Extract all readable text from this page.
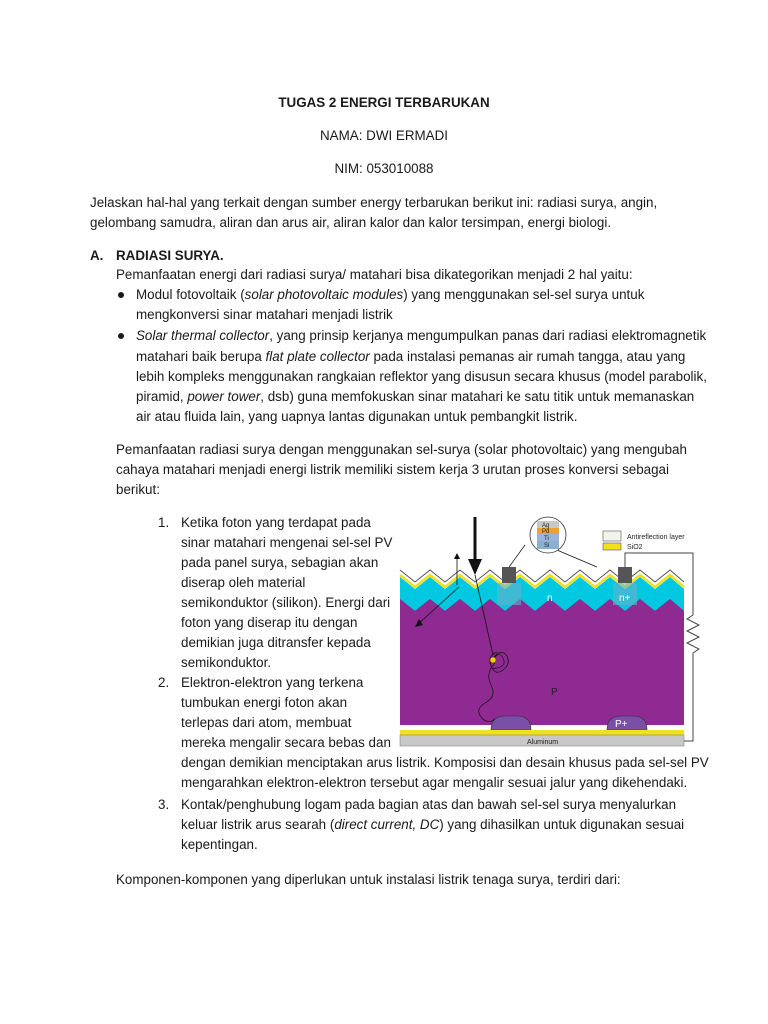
TUGAS 2 ENERGI TERBARUKAN
NAMA: DWI ERMADI
NIM: 053010088
Jelaskan hal-hal yang terkait dengan sumber energy terbarukan berikut ini: radiasi surya, angin,
gelombang samudra, aliran dan arus air, aliran kalor dan kalor tersimpan, energi biologi.
A. RADIASI SURYA.
Pemanfaatan energi dari radiasi surya/ matahari bisa dikategorikan menjadi 2 hal yaitu:
Modul fotovoltaik (solar photovoltaic modules) yang menggunakan sel-sel surya untuk
mengkonversi sinar matahari menjadi listrik
Solar thermal collector, yang prinsip kerjanya mengumpulkan panas dari radiasi elektromagnetik
matahari baik berupa flat plate collector pada instalasi pemanas air rumah tangga, atau yang
lebih kompleks menggunakan rangkaian reflektor yang disusun secara khusus (model parabolik,
piramid, power tower, dsb) guna memfokuskan sinar matahari ke satu titik untuk memanaskan
air atau fluida lain, yang uapnya lantas digunakan untuk pembangkit listrik.
Pemanfaatan radiasi surya dengan menggunakan sel-surya (solar photovoltaic) yang mengubah
cahaya matahari menjadi energi listrik memiliki sistem kerja 3 urutan proses konversi sebagai
berikut:
1. Ketika foton yang terdapat pada
sinar matahari mengenai sel-sel PV
pada panel surya, sebagian akan
diserap oleh material
semikonduktor (silikon). Energi dari
foton yang diserap itu dengan
demikian juga ditransfer kepada
semikonduktor.
2. Elektron-elektron yang terkena
tumbukan energi foton akan
terlepas dari atom, membuat
mereka mengalir secara bebas dan
dengan demikian menciptakan arus listrik. Komposisi dan desain khusus pada sel-sel PV
mengarahkan elektron-elektron tersebut agar mengalir sesuai jalur yang dikehendaki.
3. Kontak/penghubung logam pada bagian atas dan bawah sel-sel surya menyalurkan
keluar listrik arus searah (direct current, DC) yang dihasilkan untuk digunakan sesuai
kepentingan.
Komponen-komponen yang diperlukan untuk instalasi listrik tenaga surya, terdiri dari:
n	n+
P
P+
Aluminum
Ag
Pd
Ti
Si
Antireflection layer
SiO2
